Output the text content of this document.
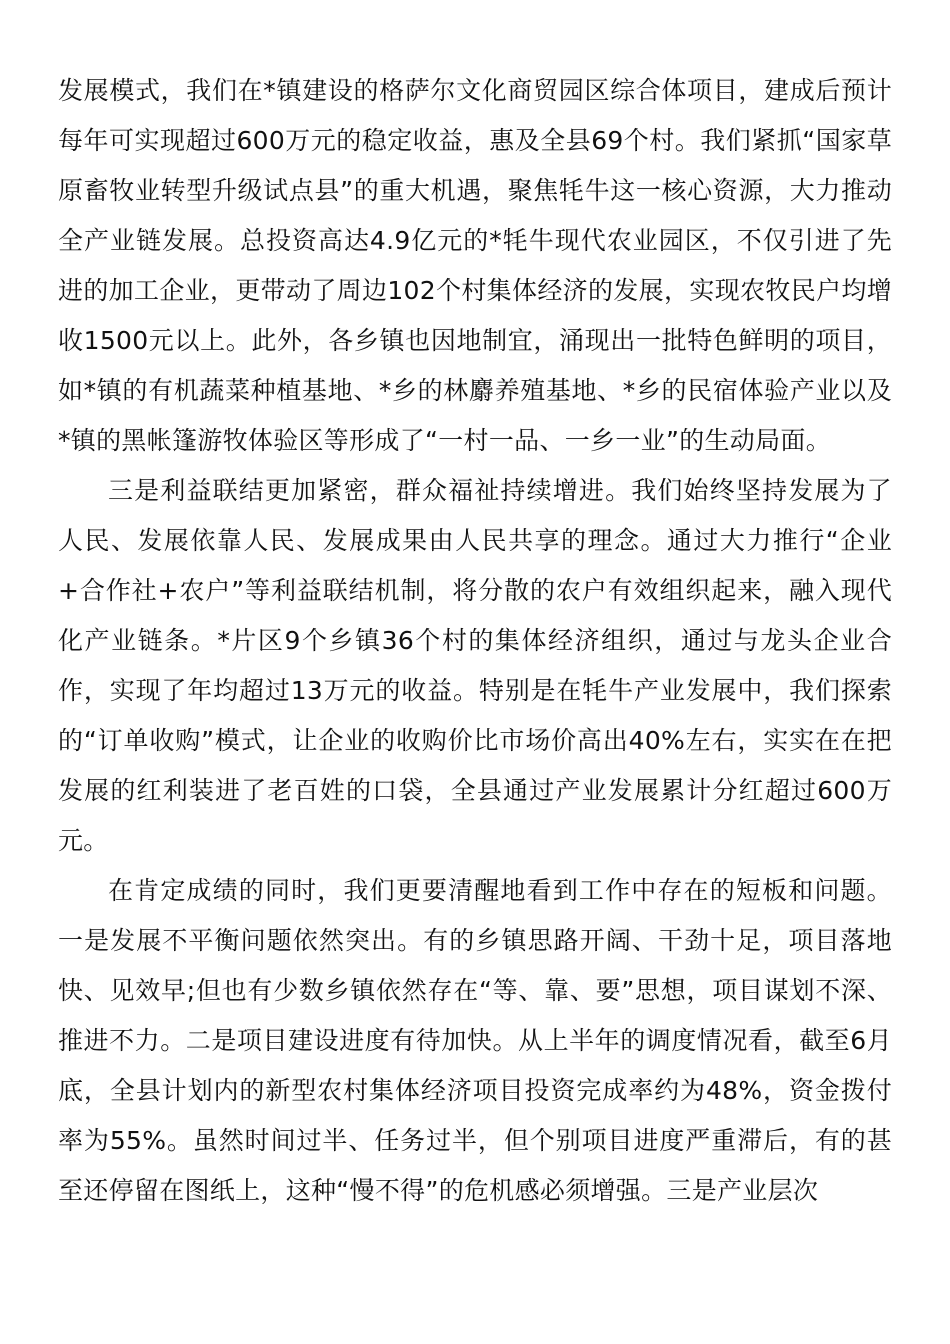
发展模式，我们在*镇建设的格萨尔文化商贸园区综合体项目，建成后预计每年可实现超过600万元的稳定收益，惠及全县69个村。我们紧抓“国家草原畜牧业转型升级试点县”的重大机遇，聚焦牦牛这一核心资源，大力推动全产业链发展。总投资高达4.9亿元的*牦牛现代农业园区，不仅引进了先进的加工企业，更带动了周边102个村集体经济的发展，实现农牧民户均增收1500元以上。此外，各乡镇也因地制宜，涌现出一批特色鲜明的项目，如*镇的有机蔬菜种植基地、*乡的林麝养殖基地、*乡的民宿体验产业以及*镇的黑帐篷游牧体验区等形成了“一村一品、一乡一业”的生动局面。

三是利益联结更加紧密，群众福祉持续增进。我们始终坚持发展为了人民、发展依靠人民、发展成果由人民共享的理念。通过大力推行“企业+合作社+农户”等利益联结机制，将分散的农户有效组织起来，融入现代化产业链条。*片区9个乡镇36个村的集体经济组织，通过与龙头企业合作，实现了年均超过13万元的收益。特别是在牦牛产业发展中，我们探索的“订单收购”模式，让企业的收购价比市场价高出40%左右，实实在在把发展的红利装进了老百姓的口袋，全县通过产业发展累计分红超过600万元。

在肯定成绩的同时，我们更要清醒地看到工作中存在的短板和问题。一是发展不平衡问题依然突出。有的乡镇思路开阔、干劲十足，项目落地快、见效早;但也有少数乡镇依然存在“等、靠、要”思想，项目谋划不深、推进不力。二是项目建设进度有待加快。从上半年的调度情况看，截至6月底，全县计划内的新型农村集体经济项目投资完成率约为48%，资金拨付率为55%。虽然时间过半、任务过半，但个别项目进度严重滞后，有的甚至还停留在图纸上，这种“慢不得”的危机感必须增强。三是产业层次
